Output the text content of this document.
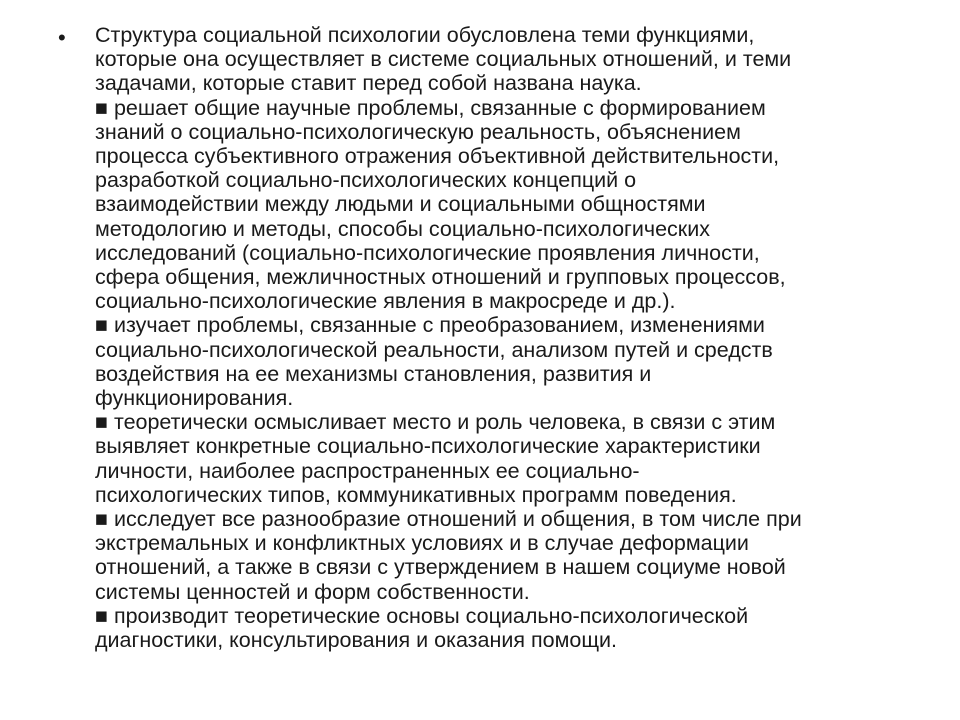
• Структура социальной психологии обусловлена теми функциями,
которые она осуществляет в системе социальных отношений, и теми
задачами, которые ставит перед собой названа наука.
■ решает общие научные проблемы, связанные с формированием
знаний о социально-психологическую реальность, объяснением
процесса субъективного отражения объективной действительности,
разработкой социально-психологических концепций о
взаимодействии между людьми и социальными общностями
методологию и методы, способы социально-психологических
исследований (социально-психологические проявления личности,
сфера общения, межличностных отношений и групповых процессов,
социально-психологические явления в макросреде и др.).
■ изучает проблемы, связанные с преобразованием, изменениями
социально-психологической реальности, анализом путей и средств
воздействия на ее механизмы становления, развития и
функционирования.
■ теоретически осмысливает место и роль человека, в связи с этим
выявляет конкретные социально-психологические характеристики
личности, наиболее распространенных ее социально-
психологических типов, коммуникативных программ поведения.
■ исследует все разнообразие отношений и общения, в том числе при
экстремальных и конфликтных условиях и в случае деформации
отношений, а также в связи с утверждением в нашем социуме новой
системы ценностей и форм собственности.
■ производит теоретические основы социально-психологической
диагностики, консультирования и оказания помощи.
